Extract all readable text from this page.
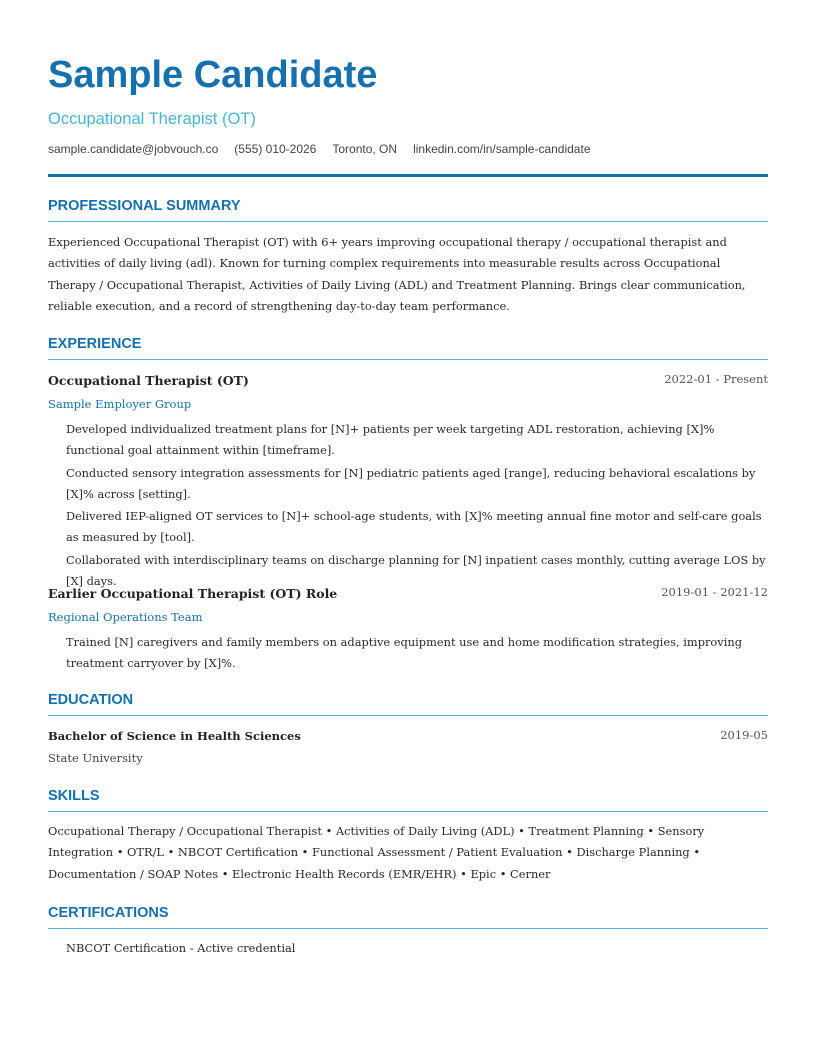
Sample Candidate
Occupational Therapist (OT)
sample.candidate@jobvouch.co (555) 010-2026 Toronto, ON linkedin.com/in/sample-candidate
PROFESSIONAL SUMMARY
Experienced Occupational Therapist (OT) with 6+ years improving occupational therapy / occupational therapist and activities of daily living (adl). Known for turning complex requirements into measurable results across Occupational Therapy / Occupational Therapist, Activities of Daily Living (ADL) and Treatment Planning. Brings clear communication, reliable execution, and a record of strengthening day-to-day team performance.
EXPERIENCE
Occupational Therapist (OT)	2022-01 - Present
Sample Employer Group
Developed individualized treatment plans for [N]+ patients per week targeting ADL restoration, achieving [X]% functional goal attainment within [timeframe].
Conducted sensory integration assessments for [N] pediatric patients aged [range], reducing behavioral escalations by [X]% across [setting].
Delivered IEP-aligned OT services to [N]+ school-age students, with [X]% meeting annual fine motor and self-care goals as measured by [tool].
Collaborated with interdisciplinary teams on discharge planning for [N] inpatient cases monthly, cutting average LOS by [X] days.
Earlier Occupational Therapist (OT) Role	2019-01 - 2021-12
Regional Operations Team
Trained [N] caregivers and family members on adaptive equipment use and home modification strategies, improving treatment carryover by [X]%.
EDUCATION
Bachelor of Science in Health Sciences	2019-05
State University
SKILLS
Occupational Therapy / Occupational Therapist • Activities of Daily Living (ADL) • Treatment Planning • Sensory Integration • OTR/L • NBCOT Certification • Functional Assessment / Patient Evaluation • Discharge Planning • Documentation / SOAP Notes • Electronic Health Records (EMR/EHR) • Epic • Cerner
CERTIFICATIONS
NBCOT Certification - Active credential
